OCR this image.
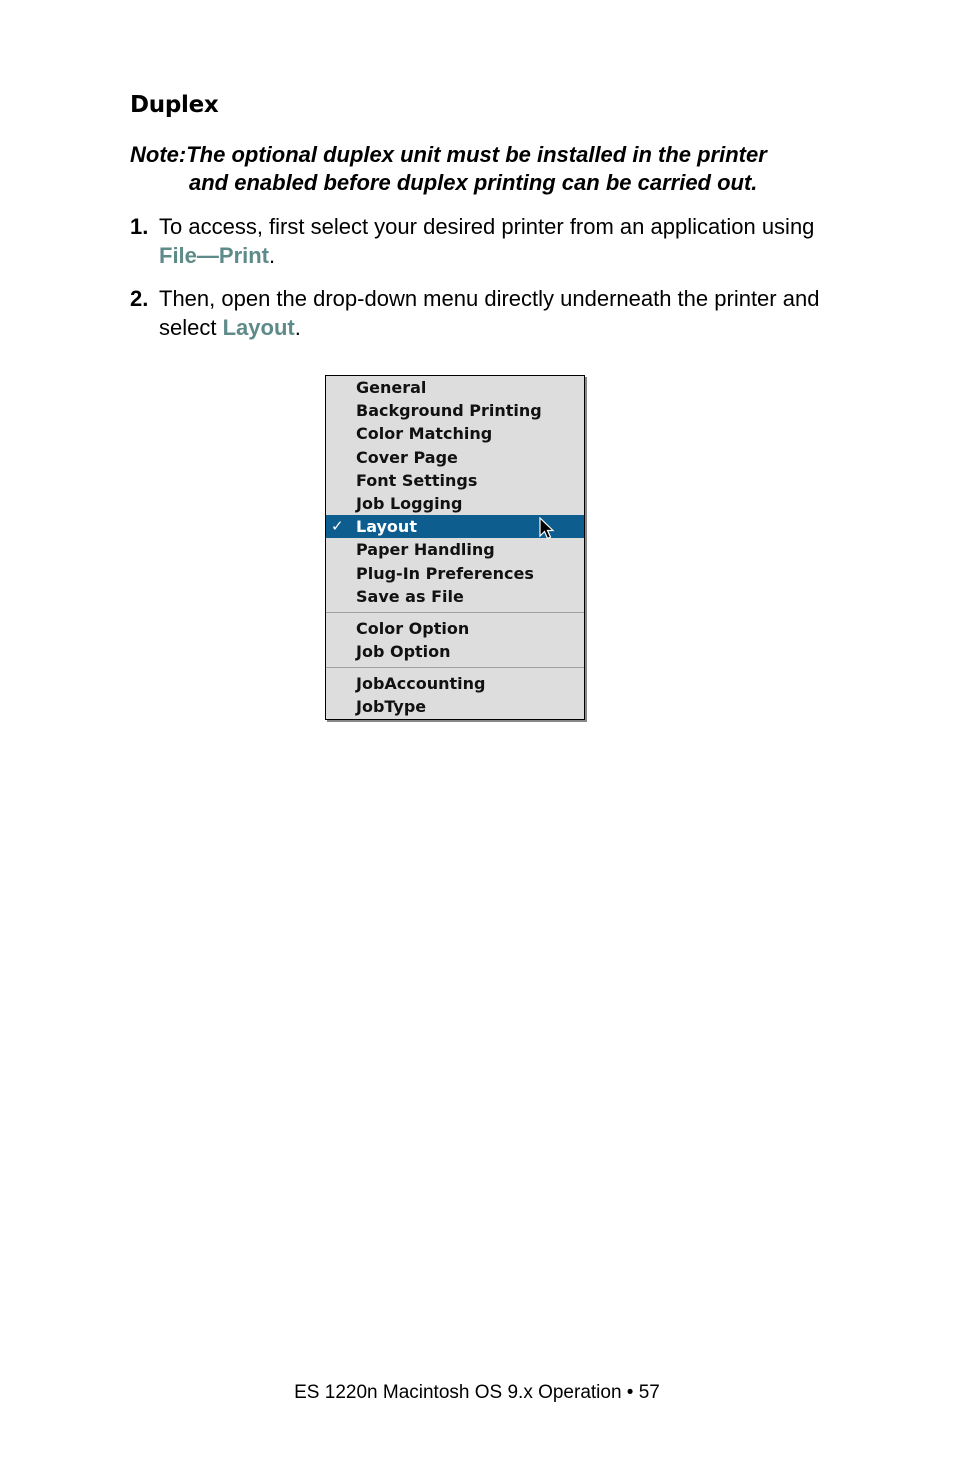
Duplex
Note:The optional duplex unit must be installed in the printer
and enabled before duplex printing can be carried out.
1. To access, first select your desired printer from an application using File—Print.
2. Then, open the drop-down menu directly underneath the printer and select Layout.
General
Background Printing
Color Matching
Cover Page
Font Settings
Job Logging
✓ Layout
Paper Handling
Plug-In Preferences
Save as File
Color Option
Job Option
JobAccounting
JobType
ES 1220n Macintosh OS 9.x Operation • 57
